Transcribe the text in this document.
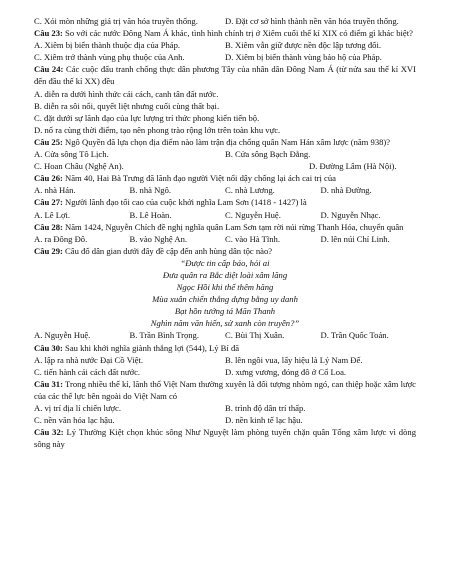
C. Xói mòn những giá trị văn hóa truyền thống.	D. Đặt cơ sở hình thành nền văn hóa truyền thống.
Câu 23: So với các nước Đông Nam Á khác, tình hình chính trị ở Xiêm cuối thế kỉ XIX có điểm gì khác biệt?
A. Xiêm bị biến thành thuộc địa của Pháp.	B. Xiêm vẫn giữ được nền độc lập tương đối.
C. Xiêm trở thành vùng phụ thuộc của Anh.	D. Xiêm bị biến thành vùng bảo hộ của Pháp.
Câu 24: Các cuộc đấu tranh chống thực dân phương Tây của nhân dân Đông Nam Á (từ nửa sau thế kỉ XVI đến đầu thế kỉ XX) đều
A. diễn ra dưới hình thức cải cách, canh tân đất nước.
B. diễn ra sôi nổi, quyết liệt nhưng cuối cùng thất bại.
C. đặt dưới sự lãnh đạo của lực lượng trí thức phong kiến tiến bộ.
D. nổ ra cùng thời điểm, tạo nên phong trào rộng lớn trên toàn khu vực.
Câu 25: Ngô Quyền đã lựa chọn địa điểm nào làm trận địa chống quân Nam Hán xâm lược (năm 938)?
A. Cửa sông Tô Lịch.	B. Cửa sông Bạch Đằng.
C. Hoan Châu (Nghệ An).	D. Đường Lâm (Hà Nội).
Câu 26: Năm 40, Hai Bà Trưng đã lãnh đạo người Việt nổi dậy chống lại ách cai trị của
A. nhà Hán.	B. nhà Ngô.	C. nhà Lương.	D. nhà Đường.
Câu 27: Người lãnh đạo tối cao của cuộc khởi nghĩa Lam Sơn (1418 - 1427) là
A. Lê Lợi.	B. Lê Hoàn.	C. Nguyễn Huệ.	D. Nguyễn Nhạc.
Câu 28: Năm 1424, Nguyễn Chích đề nghị nghĩa quân Lam Sơn tạm rời núi rừng Thanh Hóa, chuyển quân
A. ra Đông Đô.	B. vào Nghệ An.	C. vào Hà Tĩnh.	D. lên núi Chí Linh.
Câu 29: Câu đố dân gian dưới đây đề cập đến anh hùng dân tộc nào?
“Được tin cấp báo, hỏi ai
Đưa quân ra Bắc diệt loài xâm lăng
Ngọc Hồi khi thế thêm hăng
Mùa xuân chiến thắng dựng bằng uy danh
Bạt hồn tướng tá Mãn Thanh
Nghìn năm văn hiến, sử xanh còn truyền?”
A. Nguyễn Huệ.	B. Trần Bình Trọng.	C. Bùi Thị Xuân.	D. Trần Quốc Toản.
Câu 30: Sau khi khởi nghĩa giành thắng lợi (544), Lý Bí đã
A. lập ra nhà nước Đại Cồ Việt.	B. lên ngôi vua, lấy hiệu là Lý Nam Đế.
C. tiến hành cải cách đất nước.	D. xưng vương, đóng đô ở Cổ Loa.
Câu 31: Trong nhiều thế kỉ, lãnh thổ Việt Nam thường xuyên là đối tượng nhòm ngó, can thiệp hoặc xâm lược của các thế lực bên ngoài do Việt Nam có
A. vị trí địa lí chiến lược.	B. trình độ dân trí thấp.
C. nền văn hóa lạc hậu.	D. nền kinh tế lạc hậu.
Câu 32: Lý Thường Kiệt chọn khúc sông Như Nguyệt làm phòng tuyến chặn quân Tống xâm lược vì dòng sông này
